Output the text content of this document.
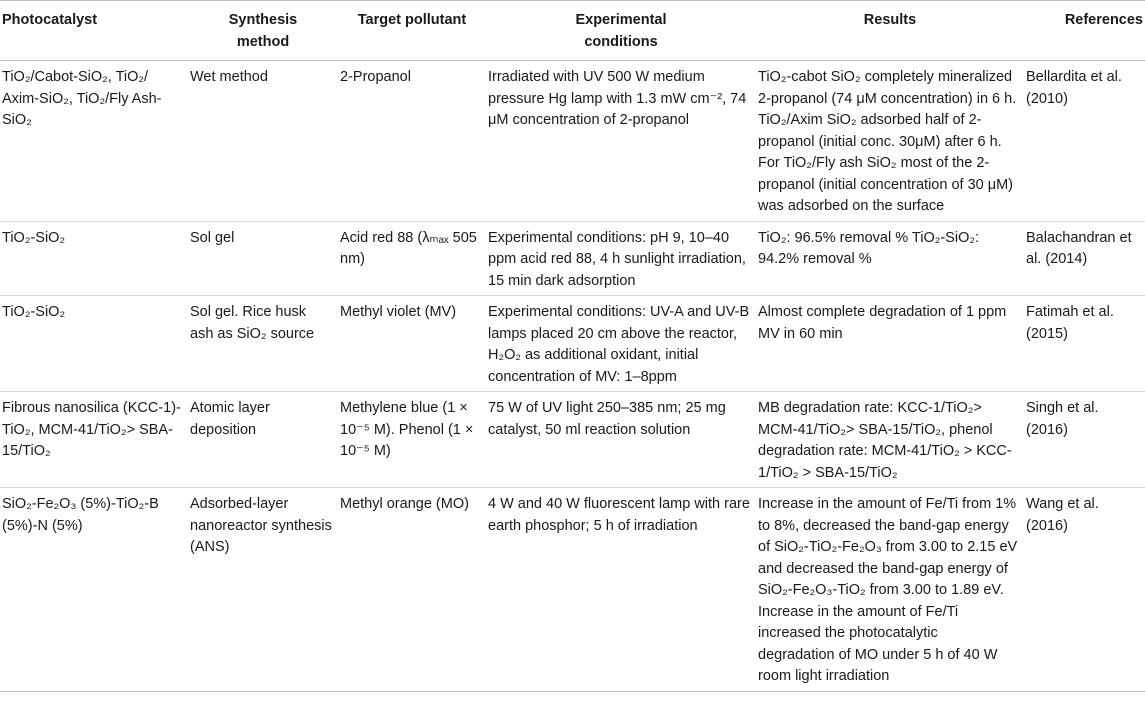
Photocatalyst	Synthesis method	Target pollutant	Experimental conditions	Results	References
TiO₂/Cabot-SiO₂, TiO₂/ Axim-SiO₂, TiO₂/Fly Ash-SiO₂	Wet method	2-Propanol	Irradiated with UV 500 W medium pressure Hg lamp with 1.3 mW cm⁻², 74 μM concentration of 2-propanol	TiO₂-cabot SiO₂ completely mineralized 2-propanol (74 μM concentration) in 6 h. TiO₂/Axim SiO₂ adsorbed half of 2-propanol (initial conc. 30μM) after 6 h. For TiO₂/Fly ash SiO₂ most of the 2-propanol (initial concentration of 30 μM) was adsorbed on the surface	Bellardita et al. (2010)
TiO₂-SiO₂	Sol gel	Acid red 88 (λₘₐₓ 505 nm)	Experimental conditions: pH 9, 10–40 ppm acid red 88, 4 h sunlight irradiation, 15 min dark adsorption	TiO₂: 96.5% removal % TiO₂-SiO₂: 94.2% removal %	Balachandran et al. (2014)
TiO₂-SiO₂	Sol gel. Rice husk ash as SiO₂ source	Methyl violet (MV)	Experimental conditions: UV-A and UV-B lamps placed 20 cm above the reactor, H₂O₂ as additional oxidant, initial concentration of MV: 1–8ppm	Almost complete degradation of 1 ppm MV in 60 min	Fatimah et al. (2015)
Fibrous nanosilica (KCC-1)-TiO₂, MCM-41/TiO₂> SBA-15/TiO₂	Atomic layer deposition	Methylene blue (1 × 10⁻⁵ M). Phenol (1 × 10⁻⁵ M)	75 W of UV light 250–385 nm; 25 mg catalyst, 50 ml reaction solution	MB degradation rate: KCC-1/TiO₂> MCM-41/TiO₂> SBA-15/TiO₂, phenol degradation rate: MCM-41/TiO₂ > KCC-1/TiO₂ > SBA-15/TiO₂	Singh et al. (2016)
SiO₂-Fe₂O₃ (5%)-TiO₂-B (5%)-N (5%)	Adsorbed-layer nanoreactor synthesis (ANS)	Methyl orange (MO)	4 W and 40 W fluorescent lamp with rare earth phosphor; 5 h of irradiation	Increase in the amount of Fe/Ti from 1% to 8%, decreased the band-gap energy of SiO₂-TiO₂-Fe₂O₃ from 3.00 to 2.15 eV and decreased the band-gap energy of SiO₂-Fe₂O₃-TiO₂ from 3.00 to 1.89 eV. Increase in the amount of Fe/Ti increased the photocatalytic degradation of MO under 5 h of 40 W room light irradiation	Wang et al. (2016)
